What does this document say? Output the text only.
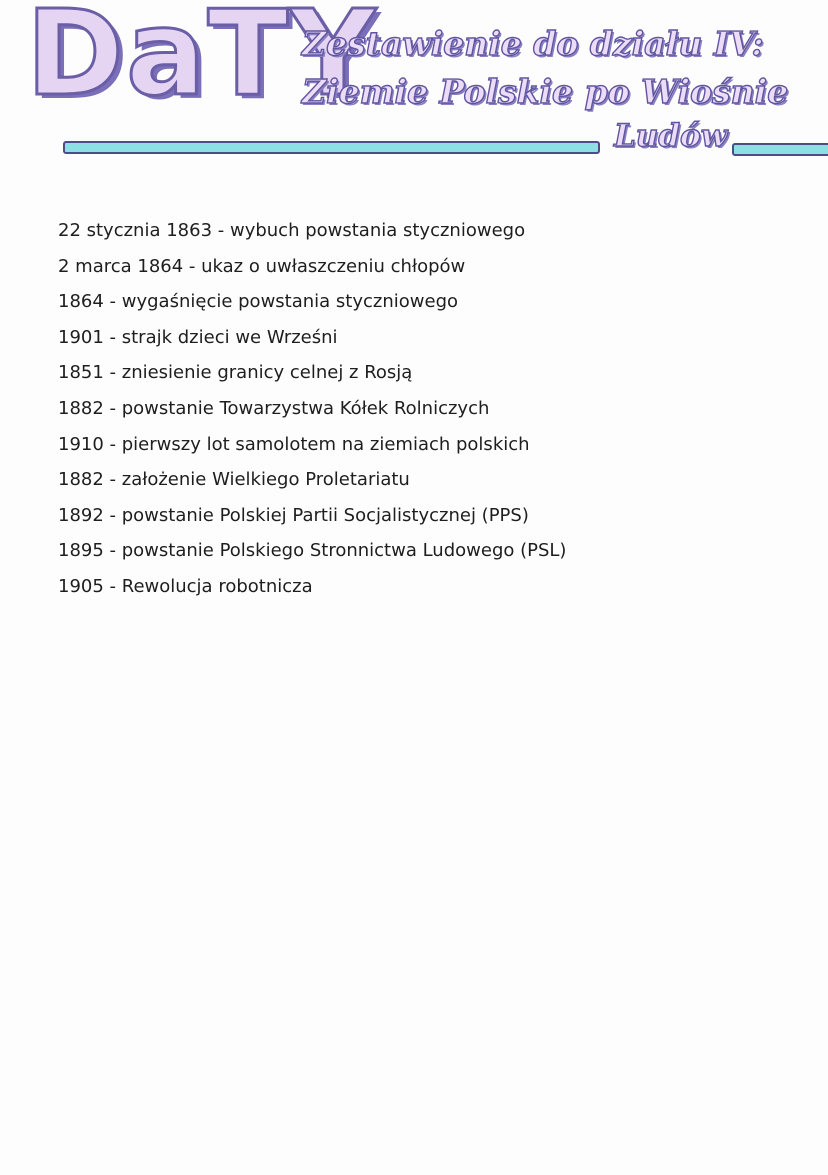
DaTY
Zestawienie do działu IV:
Ziemie Polskie po Wiośnie
Ludów
22 stycznia 1863 - wybuch powstania styczniowego
2 marca 1864 - ukaz o uwłaszczeniu chłopów
1864 - wygaśnięcie powstania styczniowego
1901 - strajk dzieci we Wrześni
1851 - zniesienie granicy celnej z Rosją
1882 - powstanie Towarzystwa Kółek Rolniczych
1910 - pierwszy lot samolotem na ziemiach polskich
1882 - założenie Wielkiego Proletariatu
1892 - powstanie Polskiej Partii Socjalistycznej (PPS)
1895 - powstanie Polskiego Stronnictwa Ludowego (PSL)
1905 - Rewolucja robotnicza
